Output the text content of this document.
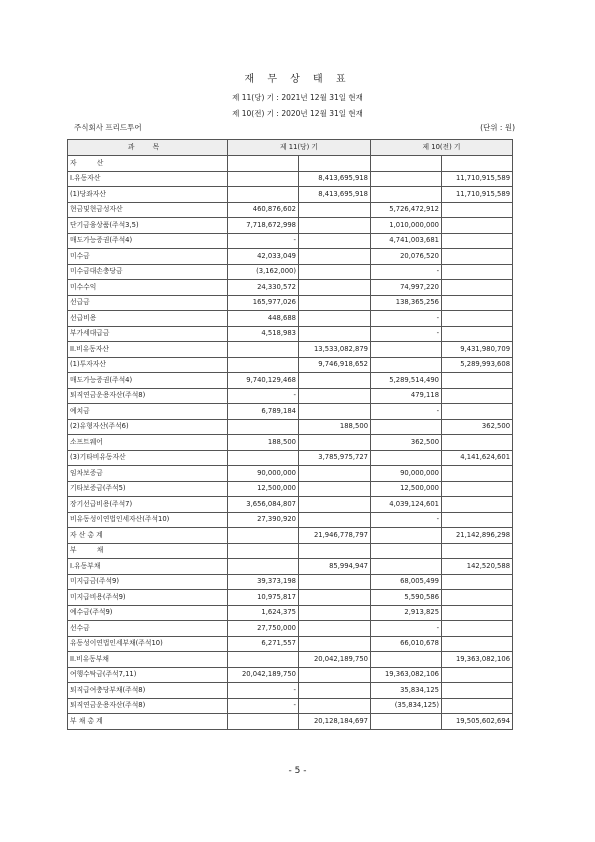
재 무 상 태 표
제 11(당) 기 : 2021년 12월 31일 현재
제 10(전) 기 : 2020년 12월 31일 현재
주식회사 프리드투어	(단위 : 원)
과 목	제 11(당) 기		제 10(전) 기	
자 산				
I.유동자산		8,413,695,918		11,710,915,589
(1)당좌자산		8,413,695,918		11,710,915,589
현금및현금성자산	460,876,602		5,726,472,912	
단기금융상품(주석3,5)	7,718,672,998		1,010,000,000	
매도가능증권(주석4)	-		4,741,003,681	
미수금	42,033,049		20,076,520	
미수금대손충당금	(3,162,000)		-	
미수수익	24,330,572		74,997,220	
선급금	165,977,026		138,365,256	
선급비용	448,688		-	
부가세대급금	4,518,983		-	
II.비유동자산		13,533,082,879		9,431,980,709
(1)투자자산		9,746,918,652		5,289,993,608
매도가능증권(주석4)	9,740,129,468		5,289,514,490	
퇴직연금운용자산(주석8)	-		479,118	
예치금	6,789,184		-	
(2)유형자산(주석6)		188,500		362,500
소프트웨어	188,500		362,500	
(3)기타비유동자산		3,785,975,727		4,141,624,601
임차보증금	90,000,000		90,000,000	
기타보증금(주석5)	12,500,000		12,500,000	
장기선급비용(주석7)	3,656,084,807		4,039,124,601	
비유동성이연법인세자산(주석10)	27,390,920		-	
자 산 총 계		21,946,778,797		21,142,896,298
부 채				
I.유동부채		85,994,947		142,520,588
미지급금(주석9)	39,373,198		68,005,499	
미지급비용(주석9)	10,975,817		5,590,586	
예수금(주석9)	1,624,375		2,913,825	
선수금	27,750,000		-	
유동성이연법인세부채(주석10)	6,271,557		66,010,678	
II.비유동부채		20,042,189,750		19,363,082,106
여행수탁금(주석7,11)	20,042,189,750		19,363,082,106	
퇴직급여충당부채(주석8)	-		35,834,125	
퇴직연금운용자산(주석8)	-		(35,834,125)	
부 채 총 계		20,128,184,697		19,505,602,694
- 5 -
